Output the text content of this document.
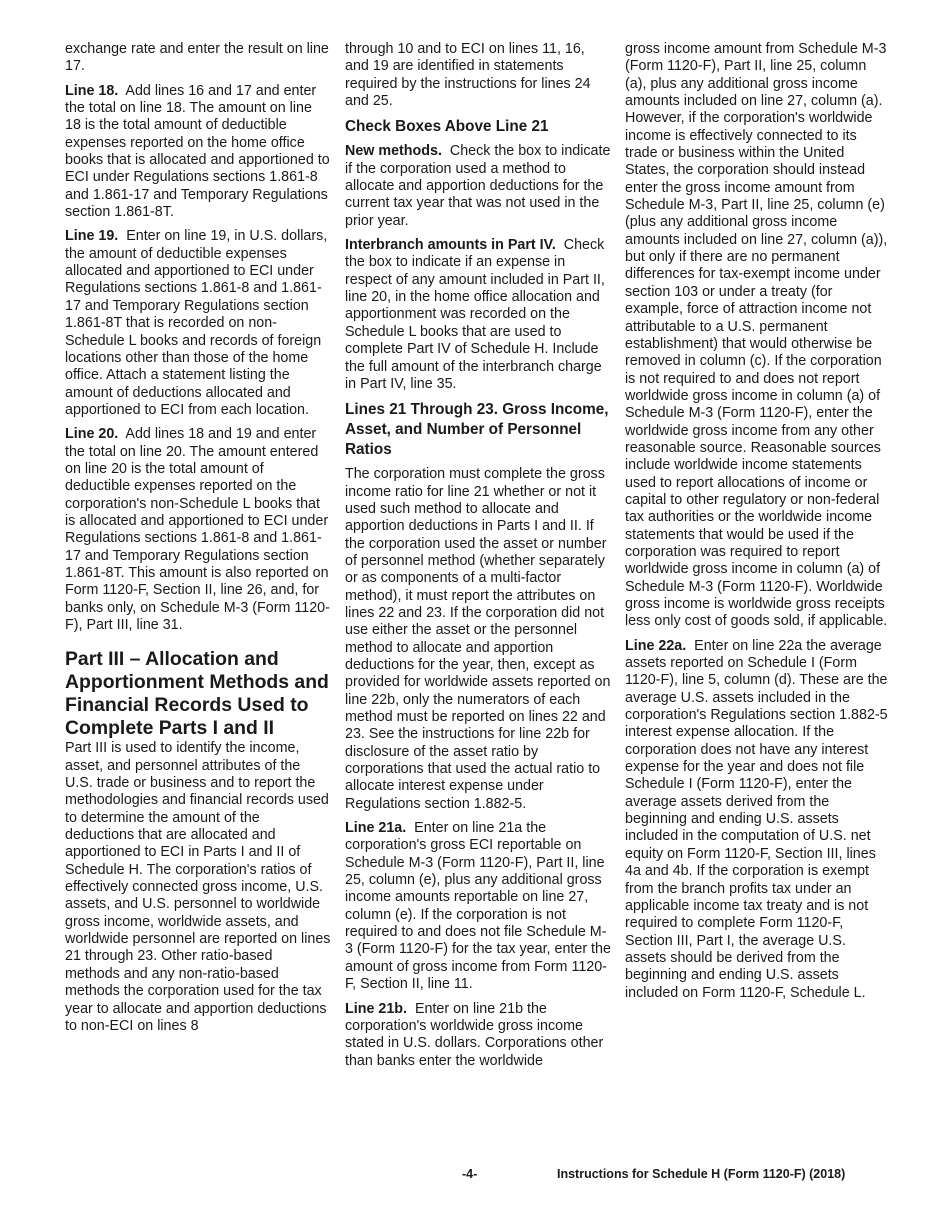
exchange rate and enter the result on line 17.

Line 18. Add lines 16 and 17 and enter the total on line 18. The amount on line 18 is the total amount of deductible expenses reported on the home office books that is allocated and apportioned to ECI under Regulations sections 1.861-8 and 1.861-17 and Temporary Regulations section 1.861-8T.

Line 19. Enter on line 19, in U.S. dollars, the amount of deductible expenses allocated and apportioned to ECI under Regulations sections 1.861-8 and 1.861-17 and Temporary Regulations section 1.861-8T that is recorded on non-Schedule L books and records of foreign locations other than those of the home office. Attach a statement listing the amount of deductions allocated and apportioned to ECI from each location.

Line 20. Add lines 18 and 19 and enter the total on line 20. The amount entered on line 20 is the total amount of deductible expenses reported on the corporation's non-Schedule L books that is allocated and apportioned to ECI under Regulations sections 1.861-8 and 1.861-17 and Temporary Regulations section 1.861-8T. This amount is also reported on Form 1120-F, Section II, line 26, and, for banks only, on Schedule M-3 (Form 1120-F), Part III, line 31.

Part III – Allocation and Apportionment Methods and Financial Records Used to Complete Parts I and II

Part III is used to identify the income, asset, and personnel attributes of the U.S. trade or business and to report the methodologies and financial records used to determine the amount of the deductions that are allocated and apportioned to ECI in Parts I and II of Schedule H. The corporation's ratios of effectively connected gross income, U.S. assets, and U.S. personnel to worldwide gross income, worldwide assets, and worldwide personnel are reported on lines 21 through 23. Other ratio-based methods and any non-ratio-based methods the corporation used for the tax year to allocate and apportion deductions to non-ECI on lines 8

through 10 and to ECI on lines 11, 16, and 19 are identified in statements required by the instructions for lines 24 and 25.

Check Boxes Above Line 21

New methods. Check the box to indicate if the corporation used a method to allocate and apportion deductions for the current tax year that was not used in the prior year.

Interbranch amounts in Part IV. Check the box to indicate if an expense in respect of any amount included in Part II, line 20, in the home office allocation and apportionment was recorded on the Schedule L books that are used to complete Part IV of Schedule H. Include the full amount of the interbranch charge in Part IV, line 35.

Lines 21 Through 23. Gross Income, Asset, and Number of Personnel Ratios

The corporation must complete the gross income ratio for line 21 whether or not it used such method to allocate and apportion deductions in Parts I and II. If the corporation used the asset or number of personnel method (whether separately or as components of a multi-factor method), it must report the attributes on lines 22 and 23. If the corporation did not use either the asset or the personnel method to allocate and apportion deductions for the year, then, except as provided for worldwide assets reported on line 22b, only the numerators of each method must be reported on lines 22 and 23. See the instructions for line 22b for disclosure of the asset ratio by corporations that used the actual ratio to allocate interest expense under Regulations section 1.882-5.

Line 21a. Enter on line 21a the corporation's gross ECI reportable on Schedule M-3 (Form 1120-F), Part II, line 25, column (e), plus any additional gross income amounts reportable on line 27, column (e). If the corporation is not required to and does not file Schedule M-3 (Form 1120-F) for the tax year, enter the amount of gross income from Form 1120-F, Section II, line 11.

Line 21b. Enter on line 21b the corporation's worldwide gross income stated in U.S. dollars. Corporations other than banks enter the worldwide

gross income amount from Schedule M-3 (Form 1120-F), Part II, line 25, column (a), plus any additional gross income amounts included on line 27, column (a). However, if the corporation's worldwide income is effectively connected to its trade or business within the United States, the corporation should instead enter the gross income amount from Schedule M-3, Part II, line 25, column (e) (plus any additional gross income amounts included on line 27, column (a)), but only if there are no permanent differences for tax-exempt income under section 103 or under a treaty (for example, force of attraction income not attributable to a U.S. permanent establishment) that would otherwise be removed in column (c). If the corporation is not required to and does not report worldwide gross income in column (a) of Schedule M-3 (Form 1120-F), enter the worldwide gross income from any other reasonable source. Reasonable sources include worldwide income statements used to report allocations of income or capital to other regulatory or non-federal tax authorities or the worldwide income statements that would be used if the corporation was required to report worldwide gross income in column (a) of Schedule M-3 (Form 1120-F). Worldwide gross income is worldwide gross receipts less only cost of goods sold, if applicable.

Line 22a. Enter on line 22a the average assets reported on Schedule I (Form 1120-F), line 5, column (d). These are the average U.S. assets included in the corporation's Regulations section 1.882-5 interest expense allocation. If the corporation does not have any interest expense for the year and does not file Schedule I (Form 1120-F), enter the average assets derived from the beginning and ending U.S. assets included in the computation of U.S. net equity on Form 1120-F, Section III, lines 4a and 4b. If the corporation is exempt from the branch profits tax under an applicable income tax treaty and is not required to complete Form 1120-F, Section III, Part I, the average U.S. assets should be derived from the beginning and ending U.S. assets included on Form 1120-F, Schedule L.

-4-	Instructions for Schedule H (Form 1120-F) (2018)
